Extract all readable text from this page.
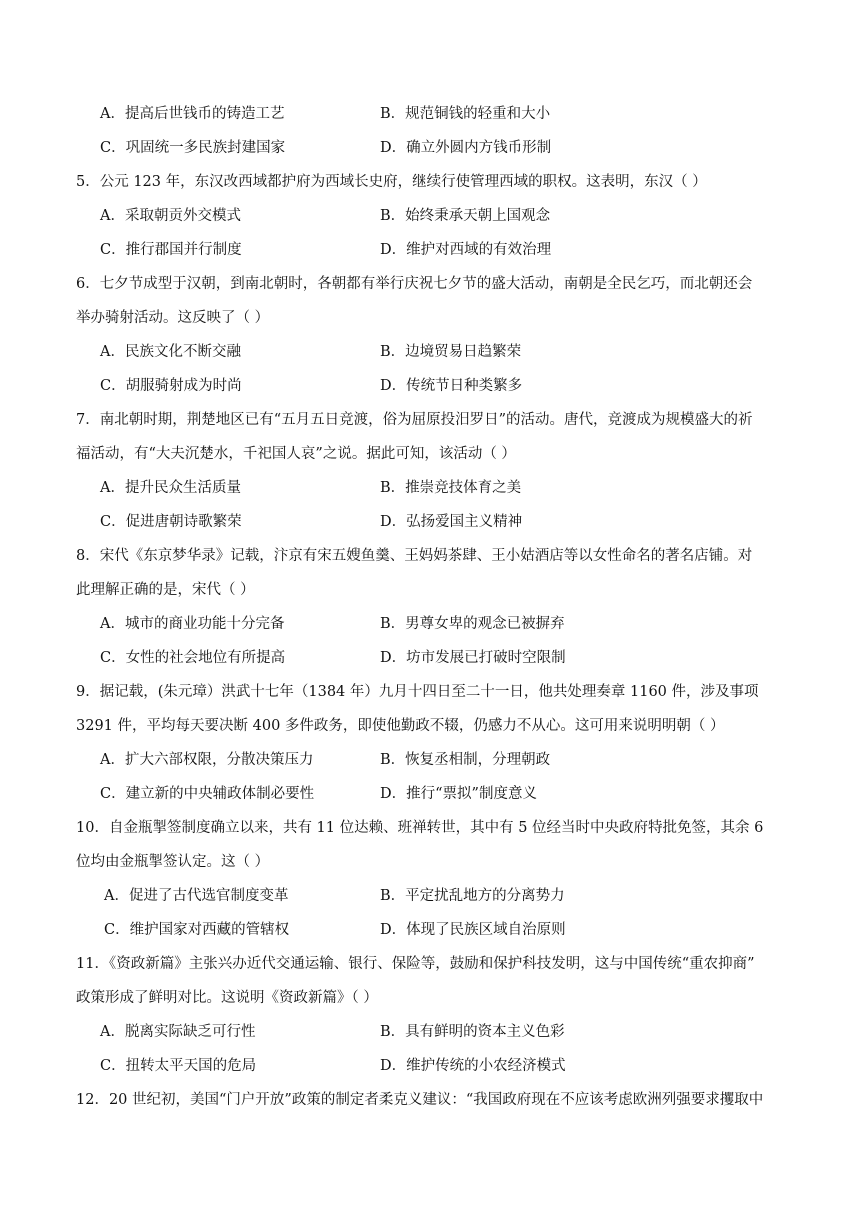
A．提高后世钱币的铸造工艺	B．规范铜钱的轻重和大小
C．巩固统一多民族封建国家	D．确立外圆内方钱币形制
5．公元 123 年，东汉改西域都护府为西域长史府，继续行使管理西域的职权。这表明，东汉（ ）
A．采取朝贡外交模式	B．始终秉承天朝上国观念
C．推行郡国并行制度	D．维护对西域的有效治理
6．七夕节成型于汉朝，到南北朝时，各朝都有举行庆祝七夕节的盛大活动，南朝是全民乞巧，而北朝还会
举办骑射活动。这反映了（ ）
A．民族文化不断交融	B．边境贸易日趋繁荣
C．胡服骑射成为时尚	D．传统节日种类繁多
7．南北朝时期，荆楚地区已有“五月五日竞渡，俗为屈原投汨罗日”的活动。唐代，竞渡成为规模盛大的祈
福活动，有“大夫沉楚水，千祀国人哀”之说。据此可知，该活动（ ）
A．提升民众生活质量	B．推崇竞技体育之美
C．促进唐朝诗歌繁荣	D．弘扬爱国主义精神
8．宋代《东京梦华录》记载，汴京有宋五嫂鱼羹、王妈妈茶肆、王小姑酒店等以女性命名的著名店铺。对
此理解正确的是，宋代（ ）
A．城市的商业功能十分完备	B．男尊女卑的观念已被摒弃
C．女性的社会地位有所提高	D．坊市发展已打破时空限制
9．据记载，(朱元璋）洪武十七年（1384 年）九月十四日至二十一日，他共处理奏章 1160 件，涉及事项
3291 件，平均每天要决断 400 多件政务，即使他勤政不辍，仍感力不从心。这可用来说明明朝（ ）
A．扩大六部权限，分散决策压力	B．恢复丞相制，分理朝政
C．建立新的中央辅政体制必要性	D．推行“票拟”制度意义
10．自金瓶掣签制度确立以来，共有 11 位达赖、班禅转世，其中有 5 位经当时中央政府特批免签，其余 6
位均由金瓶掣签认定。这（ ）
A．促进了古代选官制度变革	B．平定扰乱地方的分离势力
C．维护国家对西藏的管辖权	D．体现了民族区域自治原则
11．《资政新篇》主张兴办近代交通运输、银行、保险等，鼓励和保护科技发明，这与中国传统“重农抑商”
政策形成了鲜明对比。这说明《资政新篇》（ ）
A．脱离实际缺乏可行性	B．具有鲜明的资本主义色彩
C．扭转太平天国的危局	D．维护传统的小农经济模式
12．20 世纪初，美国“门户开放”政策的制定者柔克义建议：“我国政府现在不应该考虑欧洲列强要求攫取中
